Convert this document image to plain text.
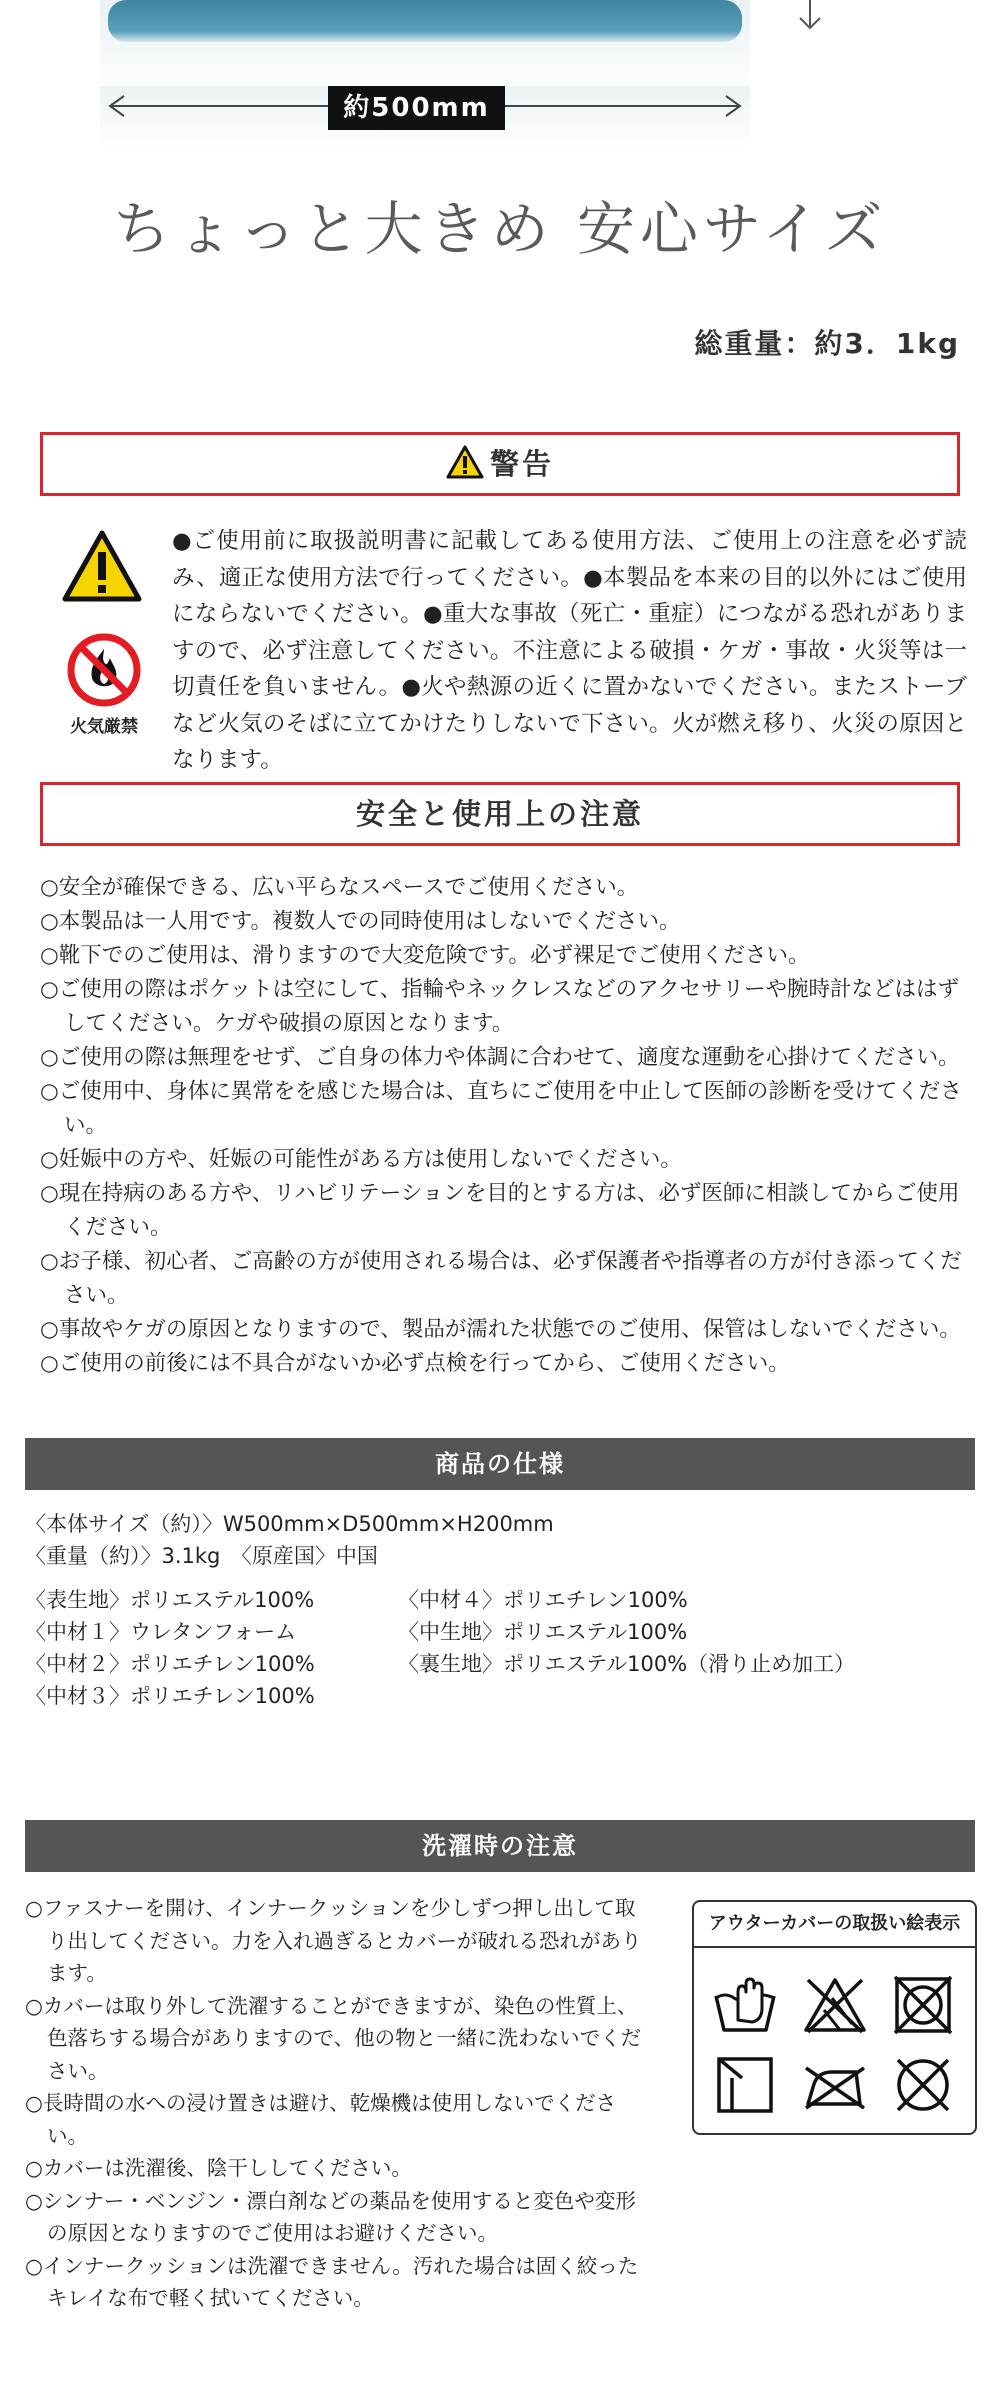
約500mm
ちょっと大きめ 安心サイズ
総重量：約3．1kg
警告
火気厳禁
●ご使用前に取扱説明書に記載してある使用方法、ご使用上の注意を必ず読み、適正な使用方法で行ってください。●本製品を本来の目的以外にはご使用にならないでください。●重大な事故（死亡・重症）につながる恐れがありますので、必ず注意してください。不注意による破損・ケガ・事故・火災等は一切責任を負いません。●火や熱源の近くに置かないでください。またストーブなど火気のそばに立てかけたりしないで下さい。火が燃え移り、火災の原因となります。
安全と使用上の注意
○安全が確保できる、広い平らなスペースでご使用ください。
○本製品は一人用です。複数人での同時使用はしないでください。
○靴下でのご使用は、滑りますので大変危険です。必ず裸足でご使用ください。
○ご使用の際はポケットは空にして、指輪やネックレスなどのアクセサリーや腕時計などははずしてください。ケガや破損の原因となります。
○ご使用の際は無理をせず、ご自身の体力や体調に合わせて、適度な運動を心掛けてください。
○ご使用中、身体に異常をを感じた場合は、直ちにご使用を中止して医師の診断を受けてください。
○妊娠中の方や、妊娠の可能性がある方は使用しないでください。
○現在持病のある方や、リハビリテーションを目的とする方は、必ず医師に相談してからご使用ください。
○お子様、初心者、ご高齢の方が使用される場合は、必ず保護者や指導者の方が付き添ってください。
○事故やケガの原因となりますので、製品が濡れた状態でのご使用、保管はしないでください。
○ご使用の前後には不具合がないか必ず点検を行ってから、ご使用ください。
商品の仕様
〈本体サイズ（約）〉W500mm×D500mm×H200mm
〈重量（約）〉3.1kg　〈原産国〉中国
〈表生地〉ポリエステル100%
〈中材１〉ウレタンフォーム
〈中材２〉ポリエチレン100%
〈中材３〉ポリエチレン100%
〈中材４〉ポリエチレン100%
〈中生地〉ポリエステル100%
〈裏生地〉ポリエステル100%（滑り止め加工）
洗濯時の注意
○ファスナーを開け、インナークッションを少しずつ押し出して取り出してください。力を入れ過ぎるとカバーが破れる恐れがあります。
○カバーは取り外して洗濯することができますが、染色の性質上、色落ちする場合がありますので、他の物と一緒に洗わないでください。
○長時間の水への浸け置きは避け、乾燥機は使用しないでください。
○カバーは洗濯後、陰干ししてください。
○シンナー・ベンジン・漂白剤などの薬品を使用すると変色や変形の原因となりますのでご使用はお避けください。
○インナークッションは洗濯できません。汚れた場合は固く絞ったキレイな布で軽く拭いてください。
アウターカバーの取扱い絵表示
